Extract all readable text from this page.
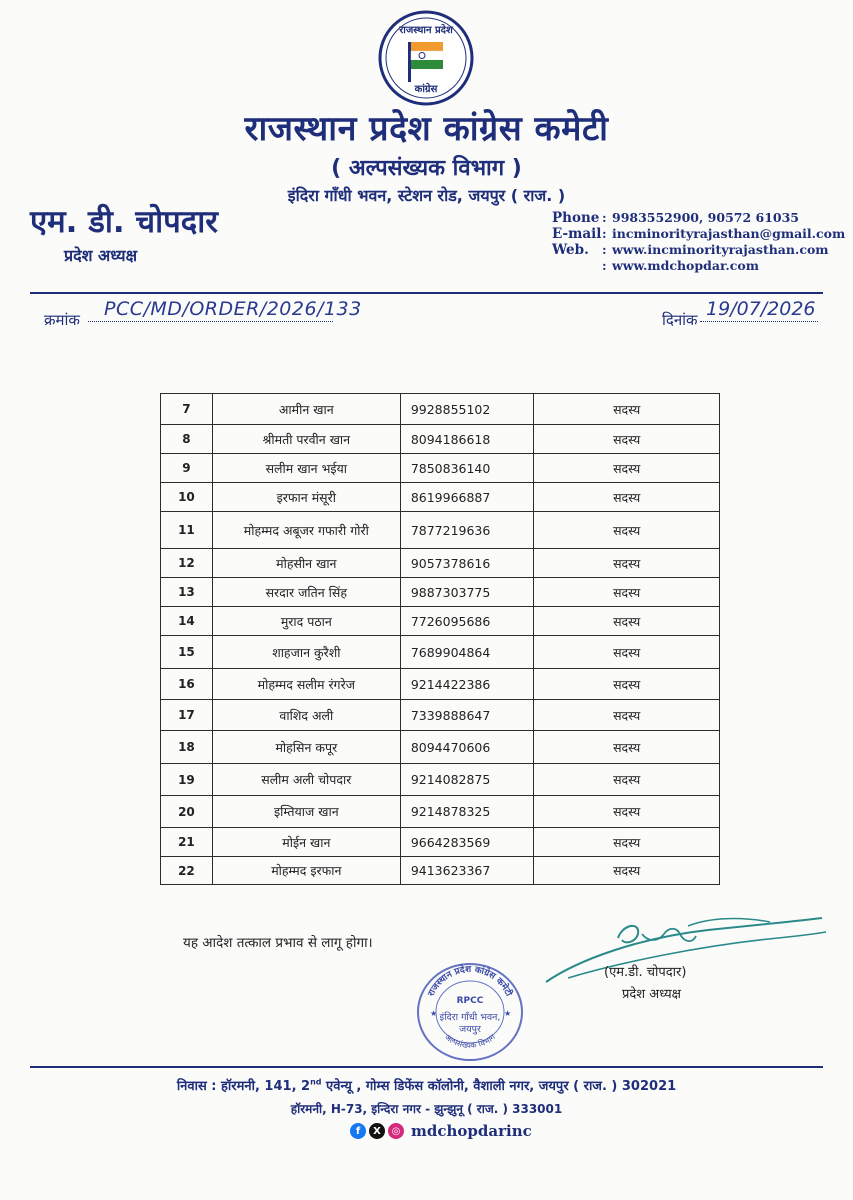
राजस्थान प्रदेश
कांग्रेस
राजस्थान प्रदेश कांग्रेस कमेटी
( अल्पसंख्यक विभाग )
इंदिरा गाँधी भवन, स्टेशन रोड, जयपुर ( राज. )
एम. डी. चोपदार
प्रदेश अध्यक्ष
Phone : 9983552900, 90572 61035
E-mail : incminorityrajasthan@gmail.com
Web.	: www.incminorityrajasthan.com
: www.mdchopdar.com
क्रमांक PCC/MD/ORDER/2026/133	दिनांक 19/07/2026
7	आमीन खान	9928855102	सदस्य
8	श्रीमती परवीन खान	8094186618	सदस्य
9	सलीम खान भईया	7850836140	सदस्य
10	इरफान मंसूरी	8619966887	सदस्य
11	मोहम्मद अबूजर गफारी गोरी	7877219636	सदस्य
12	मोहसीन खान	9057378616	सदस्य
13	सरदार जतिन सिंह	9887303775	सदस्य
14	मुराद पठान	7726095686	सदस्य
15	शाहजान कुरैशी	7689904864	सदस्य
16	मोहम्मद सलीम रंगरेज	9214422386	सदस्य
17	वाशिद अली	7339888647	सदस्य
18	मोहसिन कपूर	8094470606	सदस्य
19	सलीम अली चोपदार	9214082875	सदस्य
20	इम्तियाज खान	9214878325	सदस्य
21	मोईन खान	9664283569	सदस्य
22	मोहम्मद इरफान	9413623367	सदस्य
यह आदेश तत्काल प्रभाव से लागू होगा।
राजस्थान प्रदेश कांग्रेस कमेटी
अल्पसंख्यक विभाग
★	★
RPCC
इंदिरा गाँधी भवन,
जयपुर
(एम.डी. चोपदार)
प्रदेश अध्यक्ष
निवास : हॉरमनी, 141, 2nd एवेन्यू , गोम्स डिफेंस कॉलोनी, वैशाली नगर, जयपुर ( राज. ) 302021
हॉरमनी, H-73, इन्दिरा नगर - झुन्झुनू ( राज. ) 333001
f	X	◎ mdchopdarinc
